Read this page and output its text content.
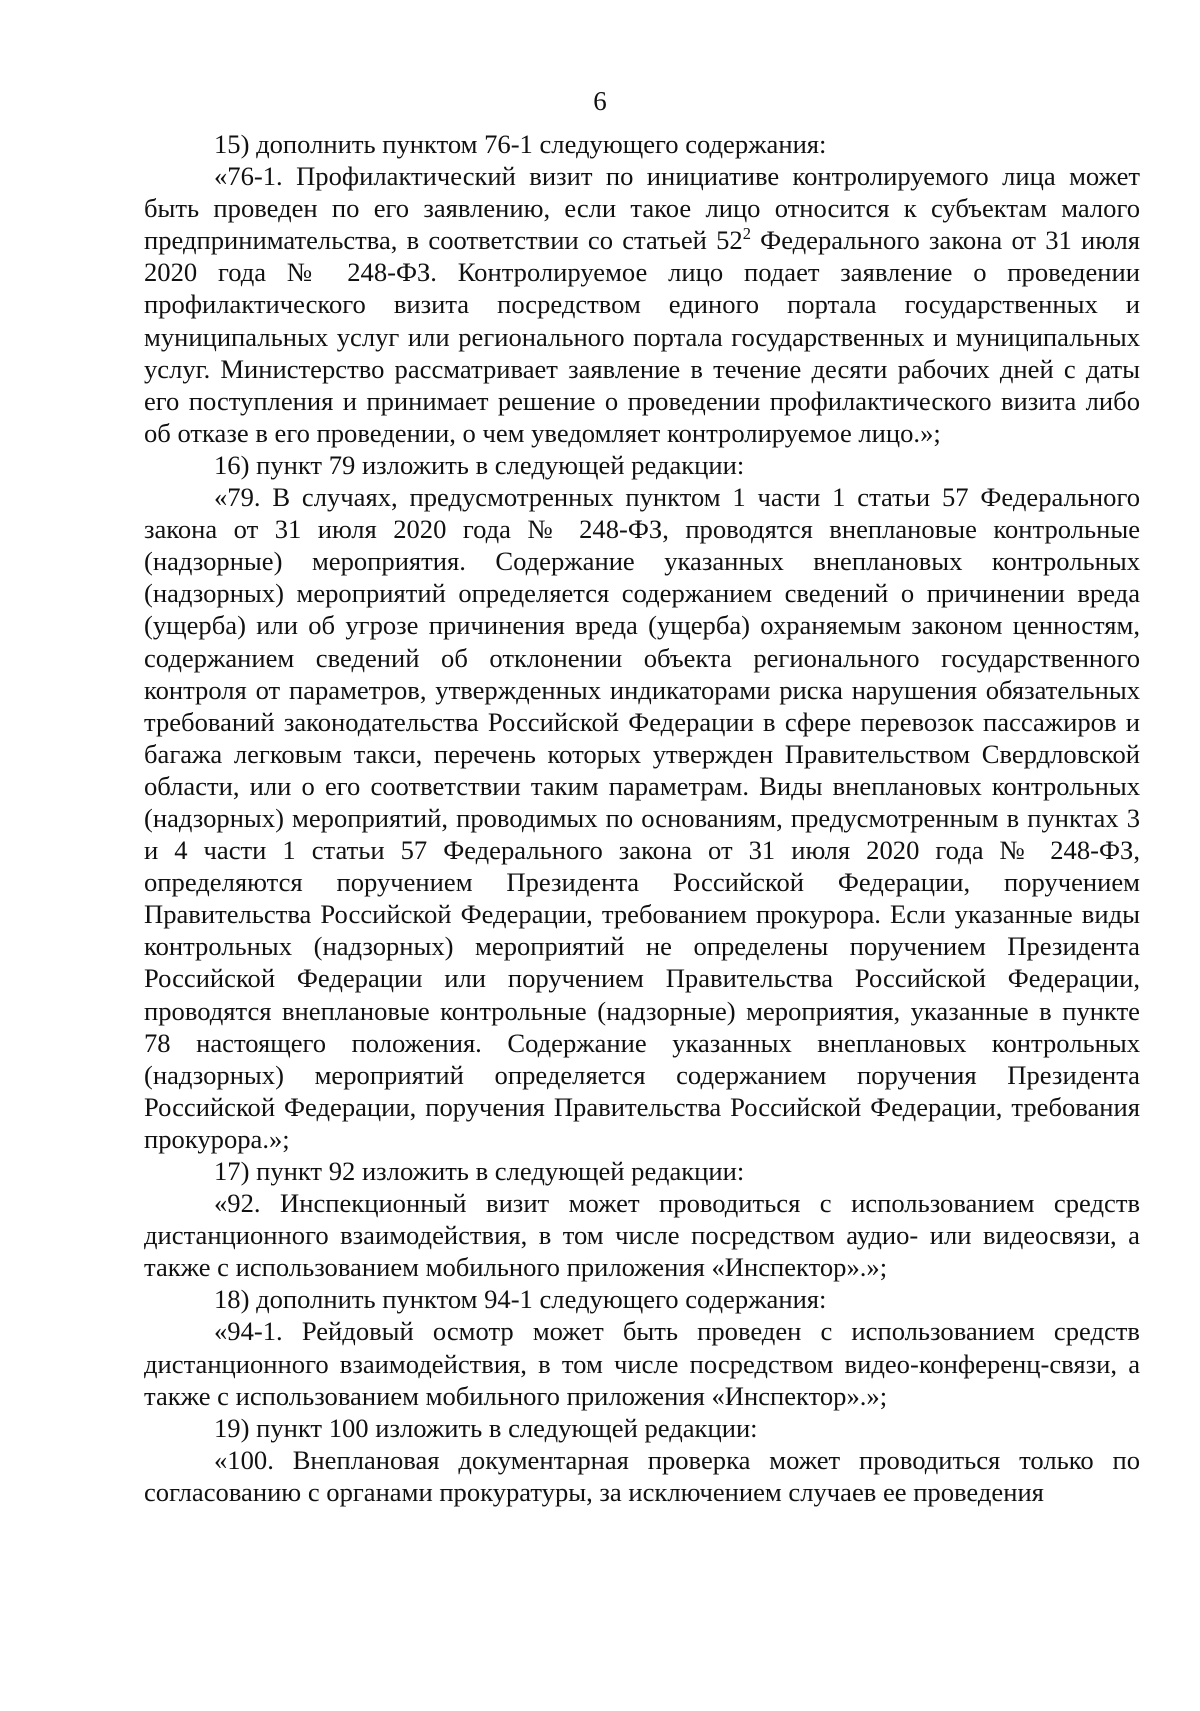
6

15) дополнить пунктом 76-1 следующего содержания:

«76-1. Профилактический визит по инициативе контролируемого лица может быть проведен по его заявлению, если такое лицо относится к субъектам малого предпринимательства, в соответствии со статьей $52^2$ Федерального закона от 31 июля 2020 года № 248-ФЗ. Контролируемое лицо подает заявление о проведении профилактического визита посредством единого портала государственных и муниципальных услуг или регионального портала государственных и муниципальных услуг. Министерство рассматривает заявление в течение десяти рабочих дней с даты его поступления и принимает решение о проведении профилактического визита либо об отказе в его проведении, о чем уведомляет контролируемое лицо.»;

16) пункт 79 изложить в следующей редакции:

«79. В случаях, предусмотренных пунктом 1 части 1 статьи 57 Федерального закона от 31 июля 2020 года № 248-ФЗ, проводятся внеплановые контрольные (надзорные) мероприятия. Содержание указанных внеплановых контрольных (надзорных) мероприятий определяется содержанием сведений о причинении вреда (ущерба) или об угрозе причинения вреда (ущерба) охраняемым законом ценностям, содержанием сведений об отклонении объекта регионального государственного контроля от параметров, утвержденных индикаторами риска нарушения обязательных требований законодательства Российской Федерации в сфере перевозок пассажиров и багажа легковым такси, перечень которых утвержден Правительством Свердловской области, или о его соответствии таким параметрам. Виды внеплановых контрольных (надзорных) мероприятий, проводимых по основаниям, предусмотренным в пунктах 3 и 4 части 1 статьи 57 Федерального закона от 31 июля 2020 года № 248-ФЗ, определяются поручением Президента Российской Федерации, поручением Правительства Российской Федерации, требованием прокурора. Если указанные виды контрольных (надзорных) мероприятий не определены поручением Президента Российской Федерации или поручением Правительства Российской Федерации, проводятся внеплановые контрольные (надзорные) мероприятия, указанные в пункте 78 настоящего положения. Содержание указанных внеплановых контрольных (надзорных) мероприятий определяется содержанием поручения Президента Российской Федерации, поручения Правительства Российской Федерации, требования прокурора.»;

17) пункт 92 изложить в следующей редакции:

«92. Инспекционный визит может проводиться с использованием средств дистанционного взаимодействия, в том числе посредством аудио- или видеосвязи, а также с использованием мобильного приложения «Инспектор».»;

18) дополнить пунктом 94-1 следующего содержания:

«94-1. Рейдовый осмотр может быть проведен с использованием средств дистанционного взаимодействия, в том числе посредством видео-конференц-связи, а также с использованием мобильного приложения «Инспектор».»;

19) пункт 100 изложить в следующей редакции:

«100. Внеплановая документарная проверка может проводиться только по согласованию с органами прокуратуры, за исключением случаев ее проведения
